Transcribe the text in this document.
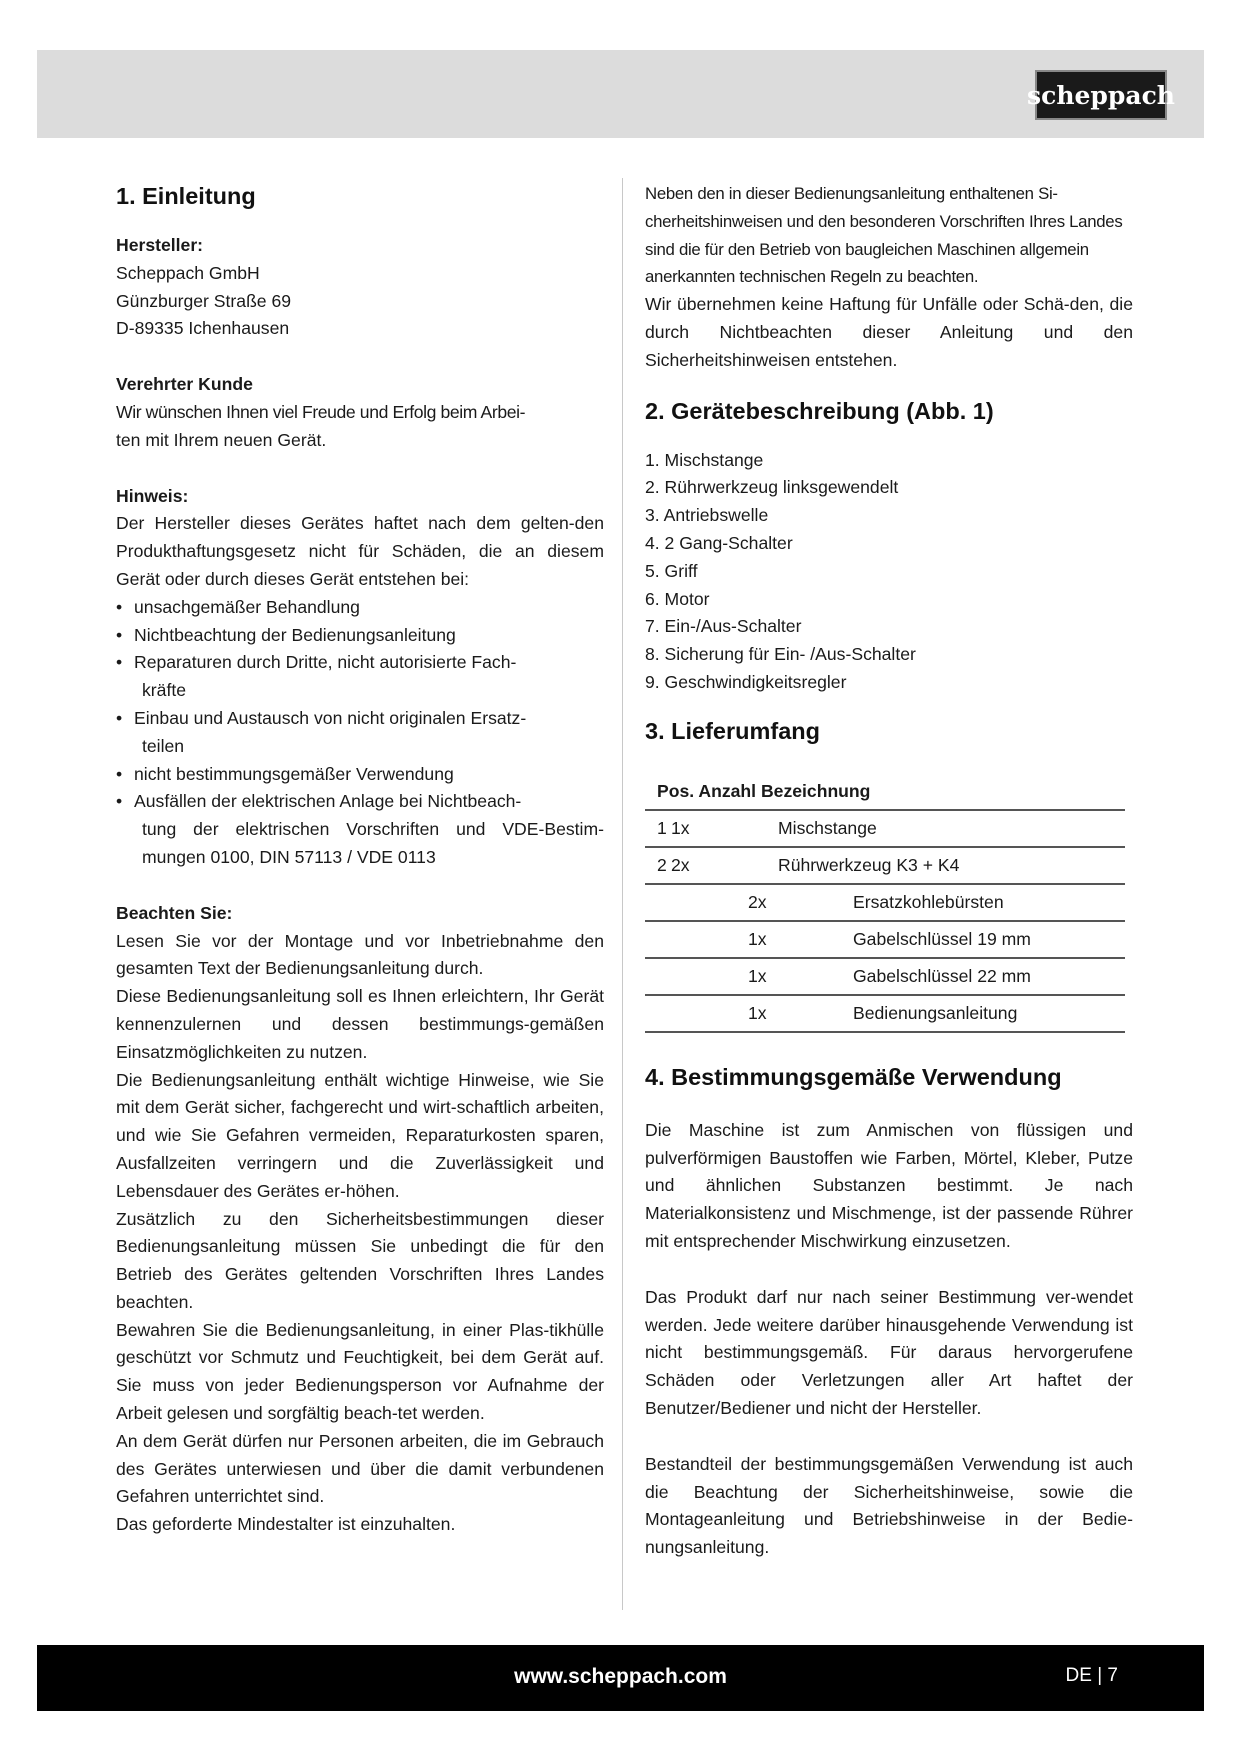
scheppach
1. Einleitung

Hersteller:

Scheppach GmbH

Günzburger Straße 69

D-89335 Ichenhausen

Verehrter Kunde

Wir wünschen Ihnen viel Freude und Erfolg beim Arbei-

ten mit Ihrem neuen Gerät.

Hinweis:

Der Hersteller dieses Gerätes haftet nach dem gelten-den Produkthaftungsgesetz nicht für Schäden, die an diesem Gerät oder durch dieses Gerät entstehen bei:

• unsachgemäßer Behandlung
• Nichtbeachtung der Bedienungsanleitung
• Reparaturen durch Dritte, nicht autorisierte Fach-
kräfte
• Einbau und Austausch von nicht originalen Ersatz-
teilen
• nicht bestimmungsgemäßer Verwendung
• Ausfällen der elektrischen Anlage bei Nichtbeach-
tung der elektrischen Vorschriften und VDE-Bestim-mungen 0100, DIN 57113 / VDE 0113

Beachten Sie:

Lesen Sie vor der Montage und vor Inbetriebnahme den gesamten Text der Bedienungsanleitung durch.

Diese Bedienungsanleitung soll es Ihnen erleichtern, Ihr Gerät kennenzulernen und dessen bestimmungs-gemäßen Einsatzmöglichkeiten zu nutzen.

Die Bedienungsanleitung enthält wichtige Hinweise, wie Sie mit dem Gerät sicher, fachgerecht und wirt-schaftlich arbeiten, und wie Sie Gefahren vermeiden, Reparaturkosten sparen, Ausfallzeiten verringern und die Zuverlässigkeit und Lebensdauer des Gerätes er-höhen.

Zusätzlich zu den Sicherheitsbestimmungen dieser Bedienungsanleitung müssen Sie unbedingt die für den Betrieb des Gerätes geltenden Vorschriften Ihres Landes beachten.

Bewahren Sie die Bedienungsanleitung, in einer Plas-tikhülle geschützt vor Schmutz und Feuchtigkeit, bei dem Gerät auf. Sie muss von jeder Bedienungsperson vor Aufnahme der Arbeit gelesen und sorgfältig beach-tet werden.

An dem Gerät dürfen nur Personen arbeiten, die im Gebrauch des Gerätes unterwiesen und über die damit verbundenen Gefahren unterrichtet sind.

Das geforderte Mindestalter ist einzuhalten.

Neben den in dieser Bedienungsanleitung enthaltenen Si-cherheitshinweisen und den besonderen Vorschriften Ihres Landes sind die für den Betrieb von baugleichen Maschinen allgemein anerkannten technischen Regeln zu beachten.

Wir übernehmen keine Haftung für Unfälle oder Schä-den, die durch Nichtbeachten dieser Anleitung und den Sicherheitshinweisen entstehen.

2. Gerätebeschreibung (Abb. 1)
1. Mischstange
2. Rührwerkzeug linksgewendelt
3. Antriebswelle
4. 2 Gang-Schalter
5. Griff
6. Motor
7. Ein-/Aus-Schalter
8. Sicherung für Ein- /Aus-Schalter
9. Geschwindigkeitsregler
3. Lieferumfang
Pos. Anzahl Bezeichnung
1 1x	Mischstange
2 2x	Rührwerkzeug K3 + K4
2x	Ersatzkohlebürsten
1x	Gabelschlüssel 19 mm
1x	Gabelschlüssel 22 mm
1x	Bedienungsanleitung
4. Bestimmungsgemäße Verwendung

Die Maschine ist zum Anmischen von flüssigen und pulverförmigen Baustoffen wie Farben, Mörtel, Kleber, Putze und ähnlichen Substanzen bestimmt. Je nach Materialkonsistenz und Mischmenge, ist der passende Rührer mit entsprechender Mischwirkung einzusetzen.

Das Produkt darf nur nach seiner Bestimmung ver-wendet werden. Jede weitere darüber hinausgehende Verwendung ist nicht bestimmungsgemäß. Für daraus hervorgerufene Schäden oder Verletzungen aller Art haftet der Benutzer/Bediener und nicht der Hersteller.

Bestandteil der bestimmungsgemäßen Verwendung ist auch die Beachtung der Sicherheitshinweise, sowie die Montageanleitung und Betriebshinweise in der Bedie-nungsanleitung.

www.scheppach.com	DE | 7
